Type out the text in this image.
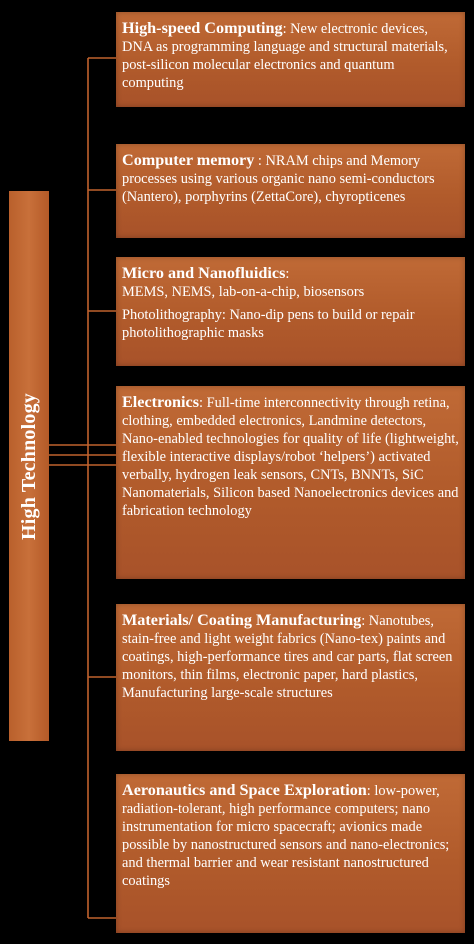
High Technology

High-speed Computing: New electronic devices, DNA as programming language and structural materials, post-silicon molecular electronics and quantum computing

Computer memory : NRAM chips and Memory processes using various organic nano semi-conductors (Nantero), porphyrins (ZettaCore), chyropticenes

Micro and Nanofluidics:
MEMS, NEMS, lab-on-a-chip, biosensors

Photolithography: Nano-dip pens to build or repair photolithographic masks

Electronics: Full-time interconnectivity through retina, clothing, embedded electronics, Landmine detectors, Nano-enabled technologies for quality of life (lightweight, flexible interactive displays/robot ‘helpers’) activated verbally, hydrogen leak sensors, CNTs, BNNTs, SiC Nanomaterials, Silicon based Nanoelectronics devices and fabrication technology

Materials/ Coating Manufacturing: Nanotubes, stain-free and light weight fabrics (Nano-tex) paints and coatings, high-performance tires and car parts, flat screen monitors, thin films, electronic paper, hard plastics, Manufacturing large-scale structures

Aeronautics and Space Exploration: low-power, radiation-tolerant, high performance computers; nano instrumentation for micro spacecraft; avionics made possible by nanostructured sensors and nano-electronics; and thermal barrier and wear resistant nanostructured coatings
